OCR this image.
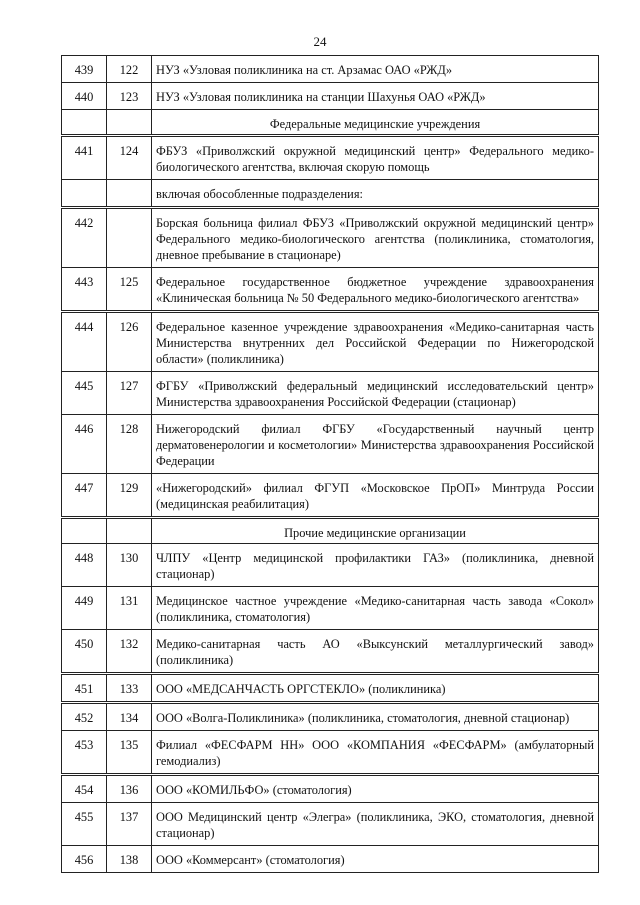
24
439	122	НУЗ «Узловая поликлиника на ст. Арзамас ОАО «РЖД»
440	123	НУЗ «Узловая поликлиника на станции Шахунья ОАО «РЖД»
		Федеральные медицинские учреждения
441	124	ФБУЗ «Приволжский окружной медицинский центр» Федерального медико-биологического агентства, включая скорую помощь
		включая обособленные подразделения:
442		Борская больница филиал ФБУЗ «Приволжский окружной медицинский центр» Федерального медико-биологического агентства (поликлиника, стоматология, дневное пребывание в стационаре)
443	125	Федеральное государственное бюджетное учреждение здравоохранения «Клиническая больница № 50 Федерального медико-биологического агентства»
444	126	Федеральное казенное учреждение здравоохранения «Медико-санитарная часть Министерства внутренних дел Российской Федерации по Нижегородской области» (поликлиника)
445	127	ФГБУ «Приволжский федеральный медицинский исследовательский центр» Министерства здравоохранения Российской Федерации (стационар)
446	128	Нижегородский филиал ФГБУ «Государственный научный центр дерматовенерологии и косметологии» Министерства здравоохранения Российской Федерации
447	129	«Нижегородский» филиал ФГУП «Московское ПрОП» Минтруда России (медицинская реабилитация)
		Прочие медицинские организации
448	130	ЧЛПУ «Центр медицинской профилактики ГАЗ» (поликлиника, дневной стационар)
449	131	Медицинское частное учреждение «Медико-санитарная часть завода «Сокол» (поликлиника, стоматология)
450	132	Медико-санитарная часть АО «Выксунский металлургический завод» (поликлиника)
451	133	ООО «МЕДСАНЧАСТЬ ОРГСТЕКЛО» (поликлиника)
452	134	ООО «Волга-Поликлиника» (поликлиника, стоматология, дневной стационар)
453	135	Филиал «ФЕСФАРМ НН» ООО «КОМПАНИЯ «ФЕСФАРМ» (амбулаторный гемодиализ)
454	136	ООО «КОМИЛЬФО» (стоматология)
455	137	ООО Медицинский центр «Элегра» (поликлиника, ЭКО, стоматология, дневной стационар)
456	138	ООО «Коммерсант» (стоматология)
